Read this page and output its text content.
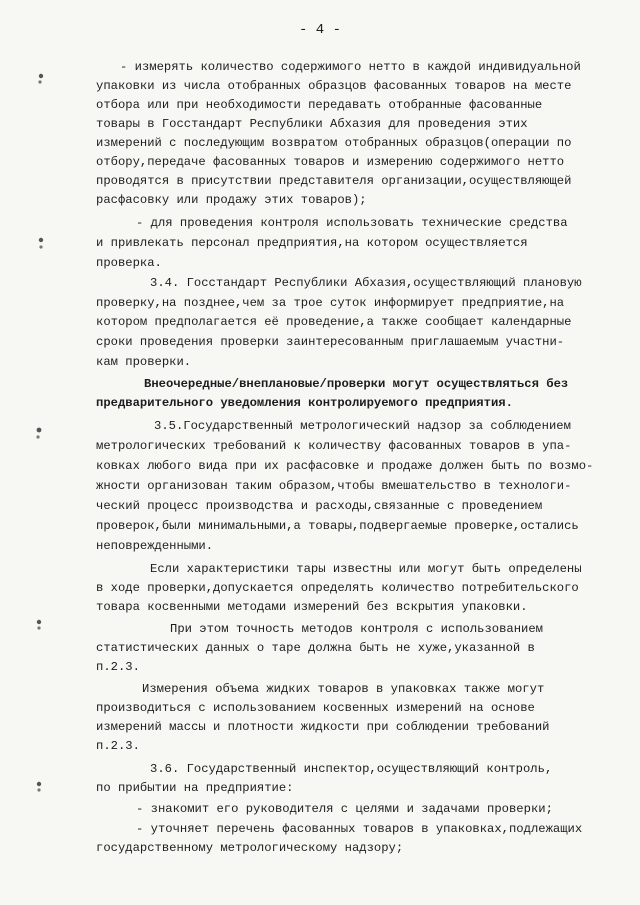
- 4 -
- измерять количество содержимого нетто в каждой индивидуальной
упаковки из числа отобранных образцов фасованных товаров на месте
отбора или при необходимости передавать отобранные фасованные
товары в Госстандарт Республики Абхазия для проведения этих
измерений с последующим возвратом отобранных образцов(операции по
отбору,передаче фасованных товаров и измерению содержимого нетто
проводятся в присутствии представителя организации,осуществляющей
расфасовку или продажу этих товаров);
- для проведения контроля использовать технические средства
и привлекать персонал предприятия,на котором осуществляется
проверка.
3.4. Госстандарт Республики Абхазия,осуществляющий плановую
проверку,на позднее,чем за трое суток информирует предприятие,на
котором предполагается её проведение,а также сообщает календарные
сроки проведения проверки заинтересованным приглашаемым участни-
кам проверки.
Внеочередные/внеплановые/проверки могут осуществляться без
предварительного уведомления контролируемого предприятия.
3.5.Государственный метрологический надзор за соблюдением
метрологических требований к количеству фасованных товаров в упа-
ковках любого вида при их расфасовке и продаже должен быть по возмо-
жности организован таким образом,чтобы вмешательство в технологи-
ческий процесс производства и расходы,связанные с проведением
проверок,были минимальными,а товары,подвергаемые проверке,остались
неповрежденными.
Если характеристики тары известны или могут быть определены
в ходе проверки,допускается определять количество потребительского
товара косвенными методами измерений без вскрытия упаковки.
При этом точность методов контроля с использованием
статистических данных о таре должна быть не хуже,указанной в
п.2.3.
Измерения объема жидких товаров в упаковках также могут
производиться с использованием косвенных измерений на основе
измерений массы и плотности жидкости при соблюдении требований
п.2.3.
3.6. Государственный инспектор,осуществляющий контроль,
по прибытии на предприятие:
- знакомит его руководителя с целями и задачами проверки;
- уточняет перечень фасованных товаров в упаковках,подлежащих
государственному метрологическому надзору;
